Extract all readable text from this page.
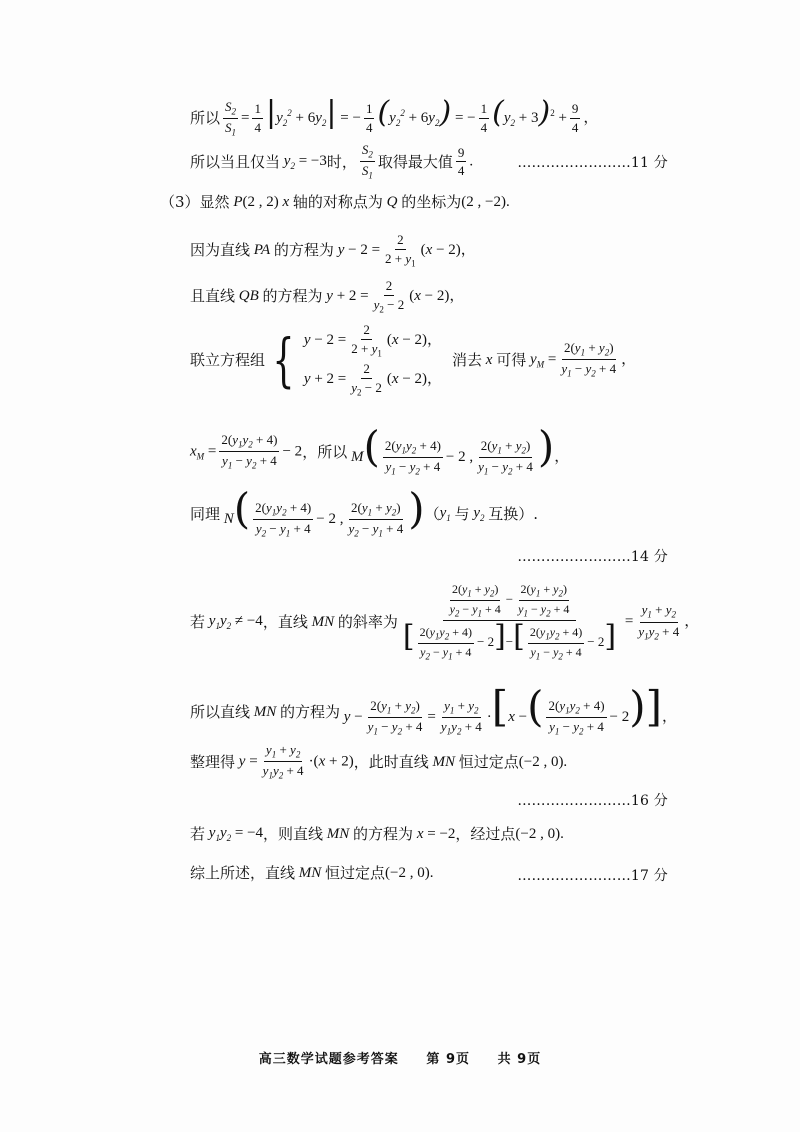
所以 $\frac{S_2}{S_1} = \frac{1}{4} |y_2^2 + 6y_2|$ = − $\frac{1}{4} (y_2^2 + 6y_2)$ = − $\frac{1}{4} (y_2 + 3)^2 + \frac{9}{4}$ ，
所以当且仅当 $y_2 = -3$ 时， $\frac{S_2}{S_1}$ 取得最大值 $\frac{9}{4}$ .	……………………11 分
（3） 显然 P(2 , 2) x 轴的对称点为 Q 的坐标为 (2 , −2).
因为直线 PA 的方程为 $y - 2 = \frac{2}{2 + y_1} (x - 2)$，
且直线 QB 的方程为 $y + 2 = \frac{2}{y_2 - 2} (x - 2)$，
联立方程组 { $y - 2 = \frac{2}{2 + y_1} (x - 2)$，
$y + 2 = \frac{2}{y_2 - 2} (x - 2)$，
消去 x 可得 $y_M = \frac{2(y_1 + y_2)}{y_1 - y_2 + 4}$ ，
$x_M = \frac{2(y_1y_2 + 4)}{y_1 - y_2 + 4} - 2$ ，所以 $M( \frac{2(y_1y_2 + 4)}{y_1 - y_2 + 4} - 2$ , $\frac{2(y_1 + y_2)}{y_1 - y_2 + 4}$ )，
同理 $N( \frac{2(y_1y_2 + 4)}{y_2 - y_1 + 4} - 2$ , $\frac{2(y_1 + y_2)}{y_2 - y_1 + 4}$ ) （ $y_1$ 与 $y_2$ 互换）.
……………………14 分
若 $y_1y_2 \ne -4$ ，直线 MN 的斜率为 $\frac{\frac{2(y_1 + y_2)}{y_2 - y_1 + 4} - \frac{2(y_1 + y_2)}{y_1 - y_2 + 4}}{[ \frac{2(y_1y_2 + 4)}{y_2 - y_1 + 4} - 2]-[ \frac{2(y_1y_2 + 4)}{y_1 - y_2 + 4} - 2]} = \frac{y_1 + y_2}{y_1y_2 + 4}$ ，
所以直线 MN 的方程为 $y - \frac{2(y_1 + y_2)}{y_1 - y_2 + 4} = \frac{y_1 + y_2}{y_1y_2 + 4} \cdot[x$ −( $\frac{2(y_1y_2 + 4)}{y_1 - y_2 + 4} - 2$)]，
整理得 $y = \frac{y_1 + y_2}{y_1y_2 + 4} \cdot(x + 2)$ ，此时直线 MN 恒过定点 (−2 , 0).
……………………16 分
若 $y_1y_2 = -4$ ，则直线 MN 的方程为 x = −2 ，经过点 (−2 , 0).
综上所述，直线 MN 恒过定点 (−2 , 0).	……………………17 分
高三数学试题参考答案 第 9页 共 9页
